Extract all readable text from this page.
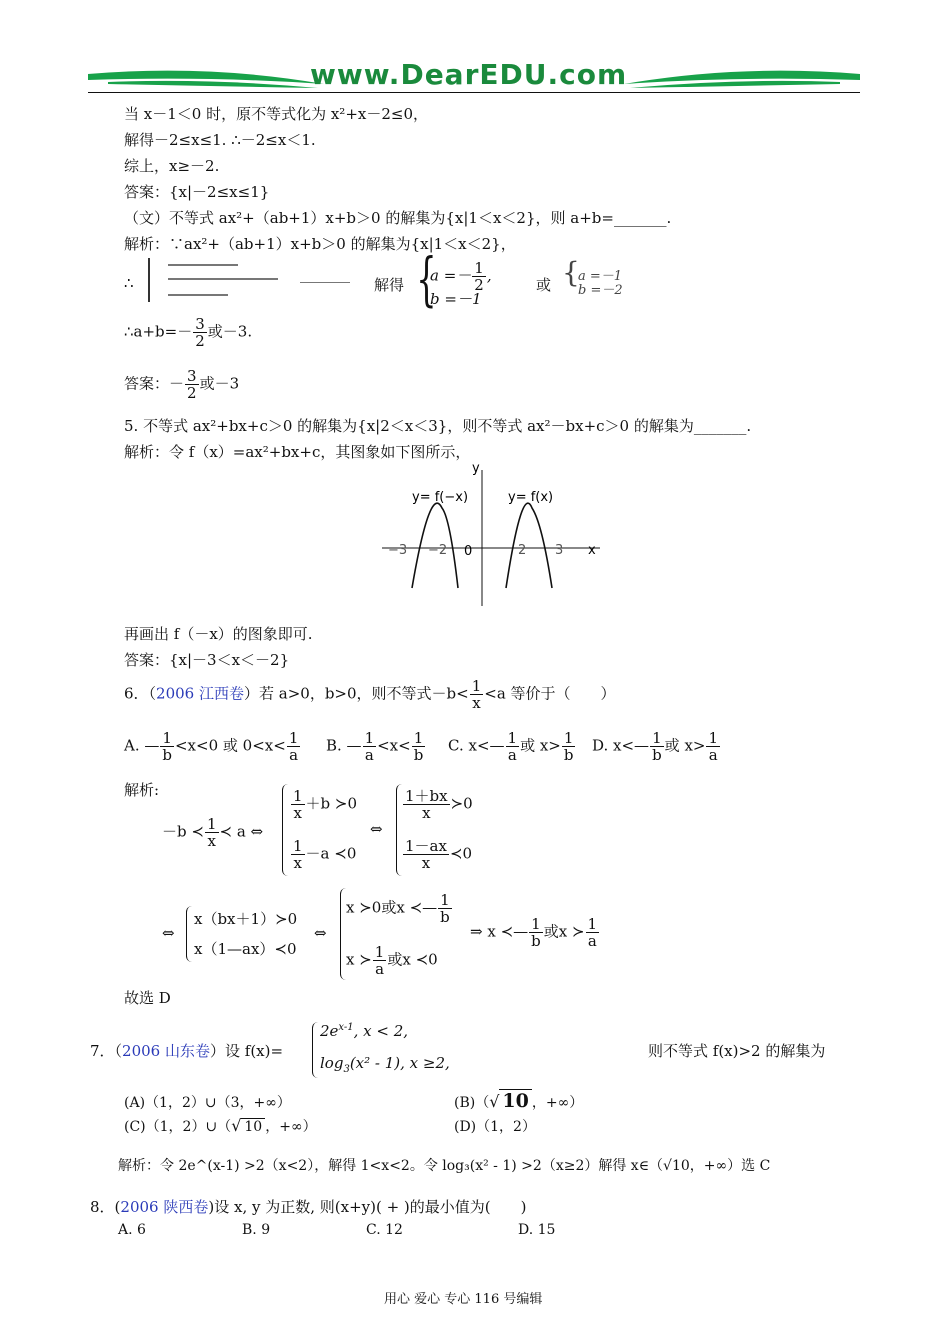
www.DearEDU.com
当 x－1＜0 时，原不等式化为 x²+x－2≤0，
解得－2≤x≤1. ∴－2≤x＜1.
综上，x≥－2.
答案：{x|－2≤x≤1}
（文）不等式 ax²+（ab+1）x+b＞0 的解集为{x|1＜x＜2}，则 a+b=_______.
解析：∵ax²+（ab+1）x+b＞0 的解集为{x|1＜x＜2}，
∴	解得 {
$a =- \frac{1}{2}$ ,
b =－1
或 {
a =－1
b =－2
∴a+b=－ $\frac{3}{2}$ 或－3.
答案：－ $\frac{3}{2}$ 或－3
5. 不等式 ax²+bx+c＞0 的解集为{x|2＜x＜3}，则不等式 ax²－bx+c＞0 的解集为_______.
解析：令 f（x）=ax²+bx+c，其图象如下图所示，
y
x
0
y= f(−x)	y= f(x)
−3 −2	2 3
再画出 f（－x）的图象即可.
答案：{x|－3＜x＜－2}
6．（2006 江西卷）若 a>0，b>0，则不等式$-b< \frac{1}{x} <a$ 等价于（　　）
A. — $\frac{1}{b} <x<0$ 或 $0<x< \frac{1}{a} B$. — $\frac{1}{a} <x< \frac{1}{b} C$. x<— $\frac{1}{a}$ 或 $x> \frac{1}{b} D$. x<— $\frac{1}{b}$ 或 $x> \frac{1}{a}$
解析:
－b ≺ $\frac{1}{x}$ ≺ a ⇔
$\frac{1}{x} +b$ ≻0
$\frac{1}{x} -a$ ≺0
⇔
$\frac{1+bx}{x}$ ≻0
$\frac{1-ax}{x}$ ≺0
⇔
x（bx＋1）≻0
x（1—ax）≺0
⇔
x ≻0或x ≺— $\frac{1}{b}$
x ≻ $\frac{1}{a}$ 或x ≺0
⇒ x ≺— $\frac{1}{b}$ 或x ≻ $\frac{1}{a}$
故选 D
7．（2006 山东卷）设 f(x)=
$2e^{x-1}$, x < 2,
$\log_3(x^2 - 1)$, x ≥2,
则不等式 f(x)>2 的解集为
(A)（1，2）∪（3，+∞）	(B)（√ 10 ，+∞）
(C)（1，2）∪（√ 10 ，+∞）	(D)（1，2）
解析：令 2e^(x-1) >2（x<2），解得 1<x<2。令 log₃(x² - 1) >2（x≥2）解得 x∈（√10，+∞）选 C
8．(2006 陕西卷)设 x, y 为正数, 则(x+y)( + )的最小值为(　　)
A. 6	B. 9	C. 12	D. 15
用心 爱心 专心 116 号编辑
